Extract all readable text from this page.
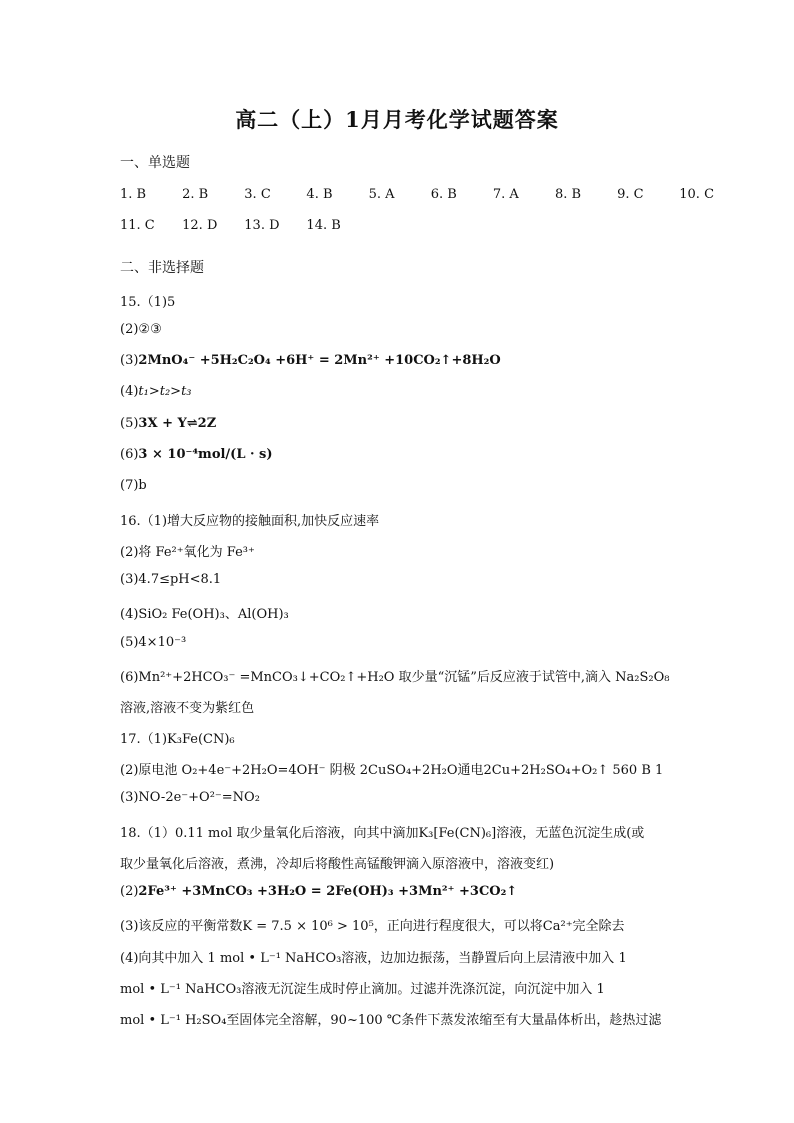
高二（上）1月月考化学试题答案
一、单选题
1. B	2. B	3. C	4. B	5. A	6. B	7. A	8. B	9. C	10. C
11. C 12. D 13. D 14. B
二、非选择题
15.（1)5
(2)②③
(3)2MnO₄⁻ +5H₂C₂O₄ +6H⁺ = 2Mn²⁺ +10CO₂↑+8H₂O
(4)t₁>t₂>t₃
(5)3X + Y⇌2Z
(6)3 × 10⁻⁴mol/(L · s)
(7)b
16.（1)增大反应物的接触面积,加快反应速率
(2)将 Fe²⁺氧化为 Fe³⁺
(3)4.7≤pH<8.1
(4)SiO₂ Fe(OH)₃、Al(OH)₃
(5)4×10⁻³
(6)Mn²⁺+2HCO₃⁻ =MnCO₃↓+CO₂↑+H₂O 取少量“沉锰”后反应液于试管中,滴入 Na₂S₂O₈
溶液,溶液不变为紫红色
17.（1)K₃Fe(CN)₆
(2)原电池 O₂+4e⁻+2H₂O=4OH⁻ 阴极 2CuSO₄+2H₂O通电2Cu+2H₂SO₄+O₂↑ 560 B 1
(3)NO-2e⁻+O²⁻=NO₂
18.（1）0.11 mol 取少量氧化后溶液，向其中滴加K₃[Fe(CN)₆]溶液，无蓝色沉淀生成(或
取少量氧化后溶液，煮沸，冷却后将酸性高锰酸钾滴入原溶液中，溶液变红)
(2)2Fe³⁺ +3MnCO₃ +3H₂O = 2Fe(OH)₃ +3Mn²⁺ +3CO₂↑
(3)该反应的平衡常数K = 7.5 × 10⁶ > 10⁵，正向进行程度很大，可以将Ca²⁺完全除去
(4)向其中加入 1 mol • L⁻¹ NaHCO₃溶液，边加边振荡，当静置后向上层清液中加入 1
mol • L⁻¹ NaHCO₃溶液无沉淀生成时停止滴加。过滤并洗涤沉淀，向沉淀中加入 1
mol • L⁻¹ H₂SO₄至固体完全溶解，90~100 ℃条件下蒸发浓缩至有大量晶体析出，趁热过滤
